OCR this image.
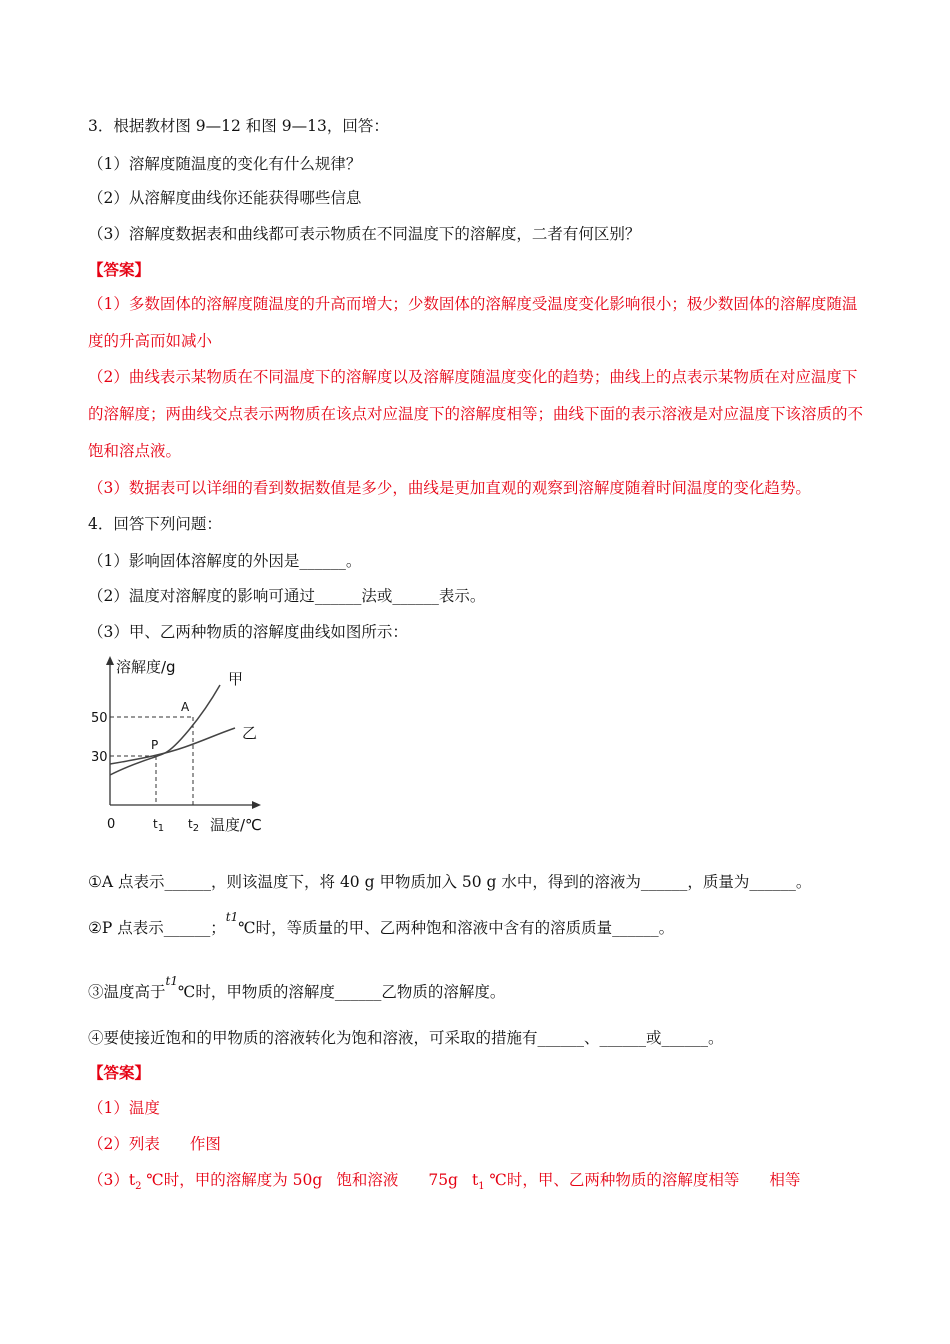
3．根据教材图 9—12 和图 9—13，回答：
（1）溶解度随温度的变化有什么规律？
（2）从溶解度曲线你还能获得哪些信息
（3）溶解度数据表和曲线都可表示物质在不同温度下的溶解度，二者有何区别？
【答案】
（1）多数固体的溶解度随温度的升高而增大；少数固体的溶解度受温度变化影响很小；极少数固体的溶解度随温度的升高而如减小
（2）曲线表示某物质在不同温度下的溶解度以及溶解度随温度变化的趋势；曲线上的点表示某物质在对应温度下的溶解度；两曲线交点表示两物质在该点对应温度下的溶解度相等；曲线下面的表示溶液是对应温度下该溶质的不饱和溶点液。
（3）数据表可以详细的看到数据数值是多少，曲线是更加直观的观察到溶解度随着时间温度的变化趋势。
4．回答下列问题：
（1）影响固体溶解度的外因是______。
（2）温度对溶解度的影响可通过______法或______表示。
（3）甲、乙两种物质的溶解度曲线如图所示：
溶解度/g
甲
乙
A
P
50
30
0	$t_1$ $t_2$ 温度/℃
①A 点表示______，则该温度下，将 40 g 甲物质加入 50 g 水中，得到的溶液为______，质量为______。
②P 点表示______；$^{t1}$℃时，等质量的甲、乙两种饱和溶液中含有的溶质质量______。
③温度高于$^{t1}$℃时，甲物质的溶解度______乙物质的溶解度。
④要使接近饱和的甲物质的溶液转化为饱和溶液，可采取的措施有______、______或______。
【答案】
（1）温度
（2）列表 作图
$(3)t_2$ ℃时，甲的溶解度为 50g 饱和溶液 75g $t_1$ ℃时，甲、乙两种物质的溶解度相等 相等
